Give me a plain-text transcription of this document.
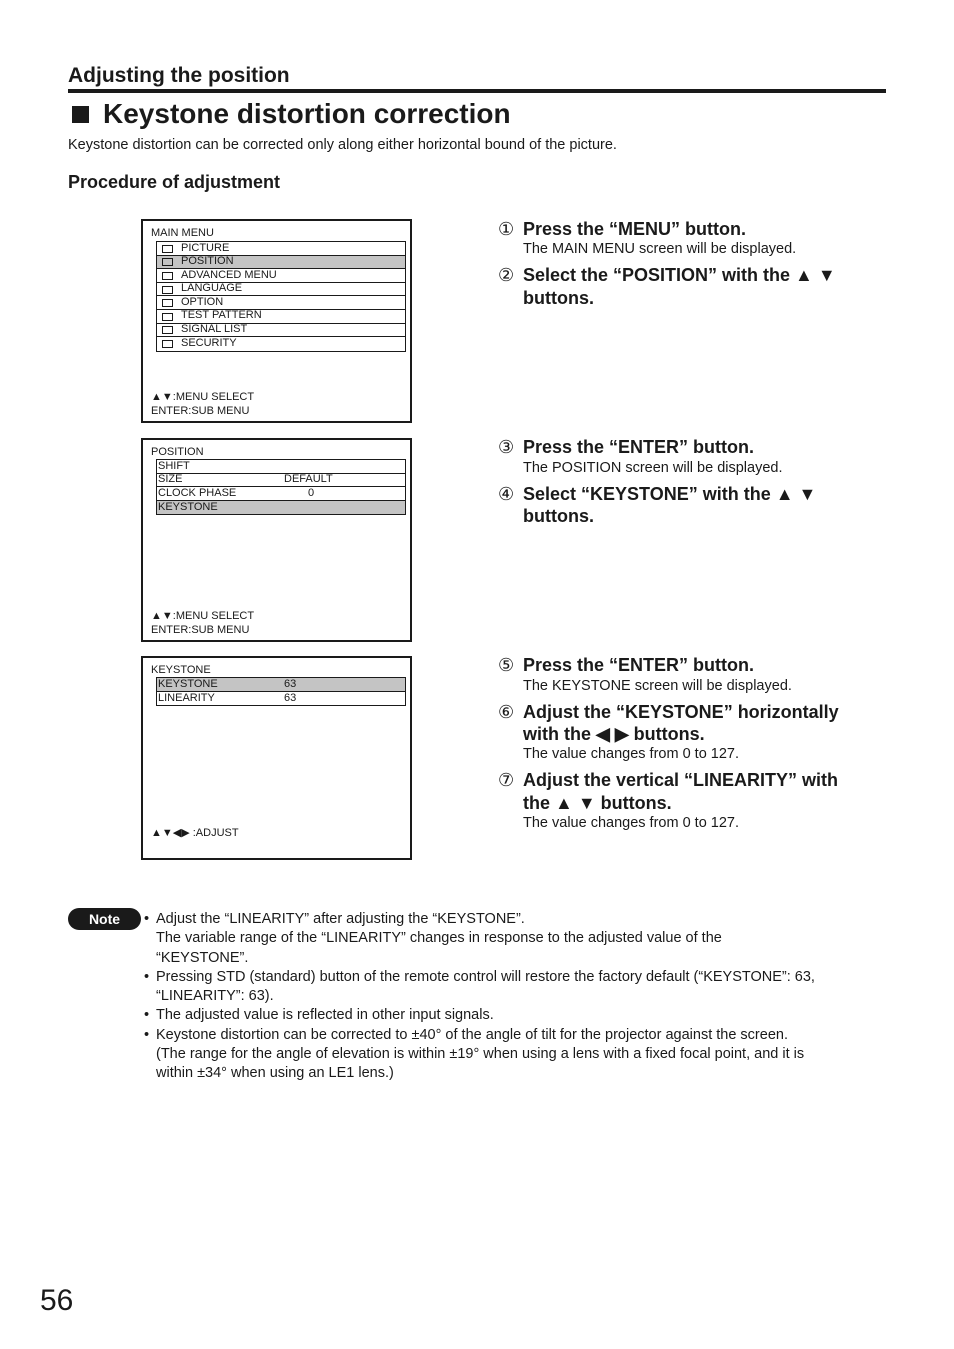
Adjusting the position
Keystone distortion correction
Keystone distortion can be corrected only along either horizontal bound of the picture.
Procedure of adjustment
MAIN MENU
PICTURE
POSITION
ADVANCED MENU
LANGUAGE
OPTION
TEST PATTERN
SIGNAL LIST
SECURITY
▲▼:MENU SELECT
ENTER:SUB MENU
POSITION
SHIFT
SIZE	DEFAULT
CLOCK PHASE	0
KEYSTONE
▲▼:MENU SELECT
ENTER:SUB MENU
KEYSTONE
KEYSTONE	63
LINEARITY	63
▲▼◀▶ :ADJUST
① Press the “MENU” button.
The MAIN MENU screen will be displayed.
② Select the “POSITION” with the ▲ ▼
buttons.
③ Press the “ENTER” button.
The POSITION screen will be displayed.
④ Select “KEYSTONE” with the ▲ ▼
buttons.
⑤ Press the “ENTER” button.
The KEYSTONE screen will be displayed.
⑥ Adjust the “KEYSTONE” horizontally
with the ◀ ▶ buttons.
The value changes from 0 to 127.
⑦ Adjust the vertical “LINEARITY” with
the ▲ ▼ buttons.
The value changes from 0 to 127.
Note	• Adjust the “LINEARITY” after adjusting the “KEYSTONE”.
The variable range of the “LINEARITY” changes in response to the adjusted value of the
“KEYSTONE”.
• Pressing STD (standard) button of the remote control will restore the factory default (“KEYSTONE”: 63,
“LINEARITY”: 63).
• The adjusted value is reflected in other input signals.
• Keystone distortion can be corrected to ±40° of the angle of tilt for the projector against the screen.
(The range for the angle of elevation is within ±19° when using a lens with a fixed focal point, and it is
within ±34° when using an LE1 lens.)
56
